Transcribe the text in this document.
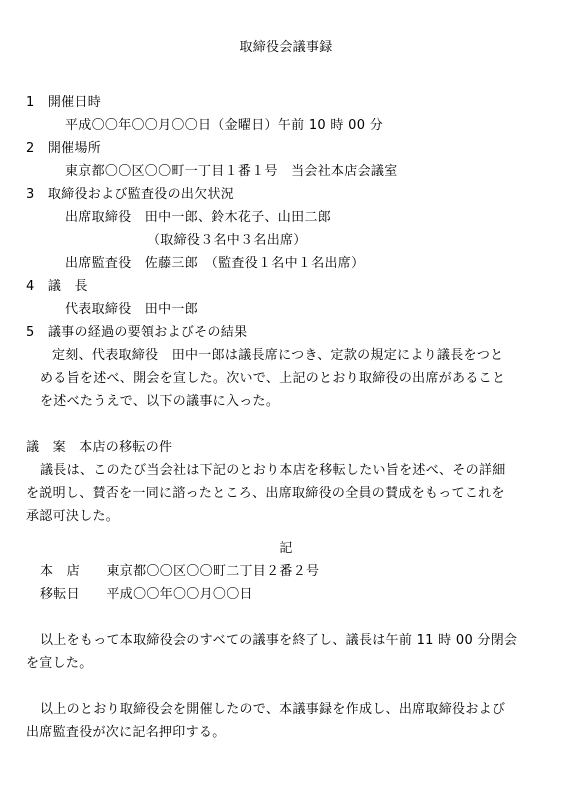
取締役会議事録
1　開催日時
平成〇〇年〇〇月〇〇日（金曜日）午前 10 時 00 分
2　開催場所
東京都〇〇区〇〇町一丁目１番１号　当会社本店会議室
3　取締役および監査役の出欠状況
出席取締役　田中一郎、鈴木花子、山田二郎
（取締役３名中３名出席）
出席監査役　佐藤三郎　（監査役１名中１名出席）
4　議　長
代表取締役　田中一郎
5　議事の経過の要領およびその結果
定刻、代表取締役　田中一郎は議長席につき、定款の規定により議長をつと
める旨を述べ、開会を宣した。次いで、上記のとおり取締役の出席があること
を述べたうえで、以下の議事に入った。
議　案　本店の移転の件
議長は、このたび当会社は下記のとおり本店を移転したい旨を述べ、その詳細
を説明し、賛否を一同に諮ったところ、出席取締役の全員の賛成をもってこれを
承認可決した。
記
本　店　　東京都〇〇区〇〇町二丁目２番２号
移転日　　平成〇〇年〇〇月〇〇日
以上をもって本取締役会のすべての議事を終了し、議長は午前 11 時 00 分閉会
を宣した。
以上のとおり取締役会を開催したので、本議事録を作成し、出席取締役および
出席監査役が次に記名押印する。
